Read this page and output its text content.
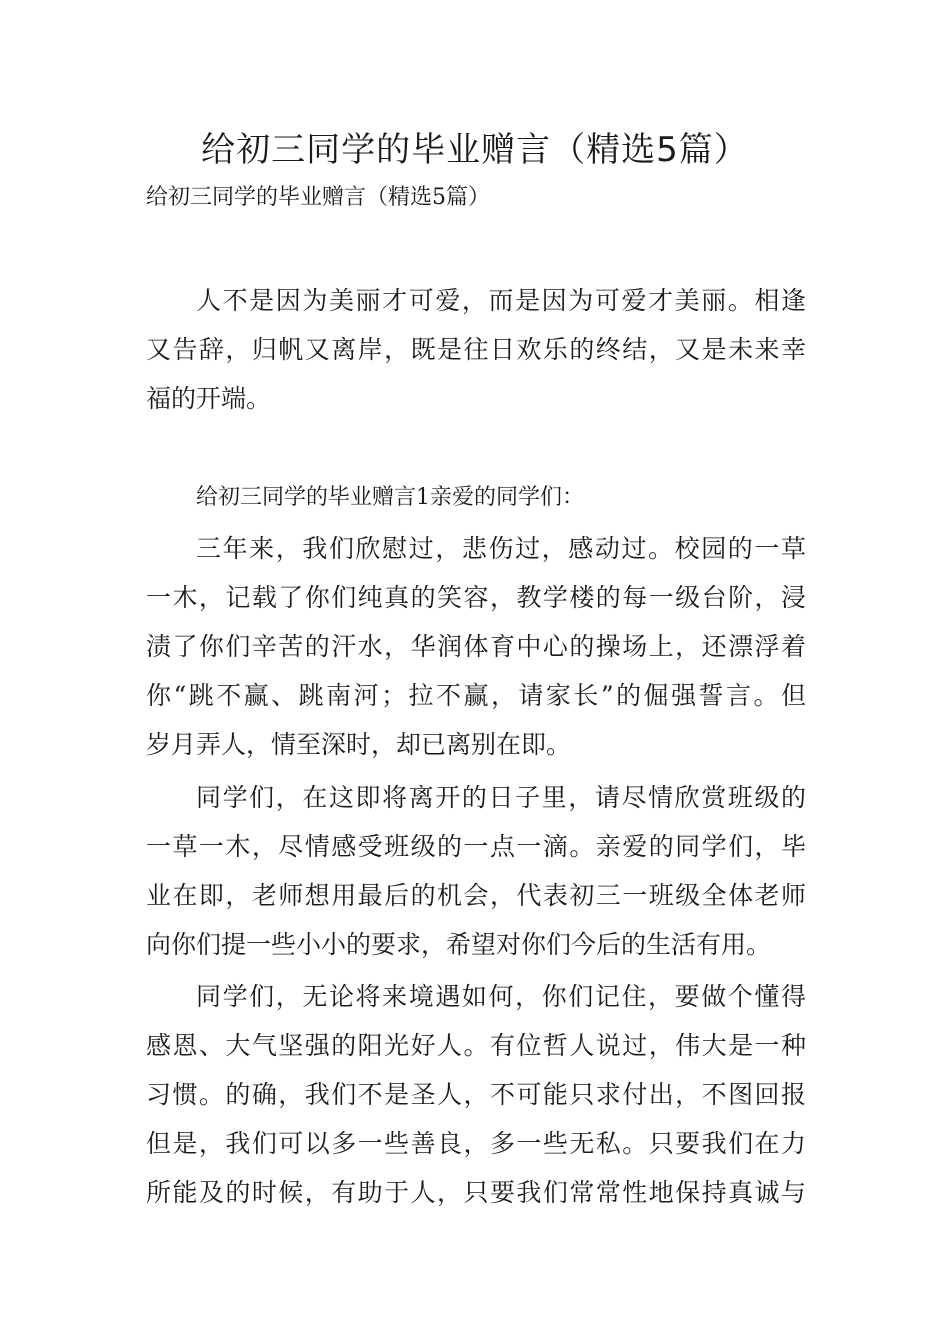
给初三同学的毕业赠言（精选5篇）

给初三同学的毕业赠言（精选5篇）

人不是因为美丽才可爱，而是因为可爱才美丽。相逢
又告辞，归帆又离岸，既是往日欢乐的终结，又是未来幸
福的开端。

给初三同学的毕业赠言1亲爱的同学们：

三年来，我们欣慰过，悲伤过，感动过。校园的一草
一木，记载了你们纯真的笑容，教学楼的每一级台阶，浸
渍了你们辛苦的汗水，华润体育中心的操场上，还漂浮着
你“跳不赢、跳南河；拉不赢，请家长”的倔强誓言。但
岁月弄人，情至深时，却已离别在即。

同学们，在这即将离开的日子里，请尽情欣赏班级的
一草一木，尽情感受班级的一点一滴。亲爱的同学们，毕
业在即，老师想用最后的机会，代表初三一班级全体老师
向你们提一些小小的要求，希望对你们今后的生活有用。

同学们，无论将来境遇如何，你们记住，要做个懂得
感恩、大气坚强的阳光好人。有位哲人说过，伟大是一种
习惯。的确，我们不是圣人，不可能只求付出，不图回报
但是，我们可以多一些善良，多一些无私。只要我们在力
所能及的时候，有助于人，只要我们常常性地保持真诚与
